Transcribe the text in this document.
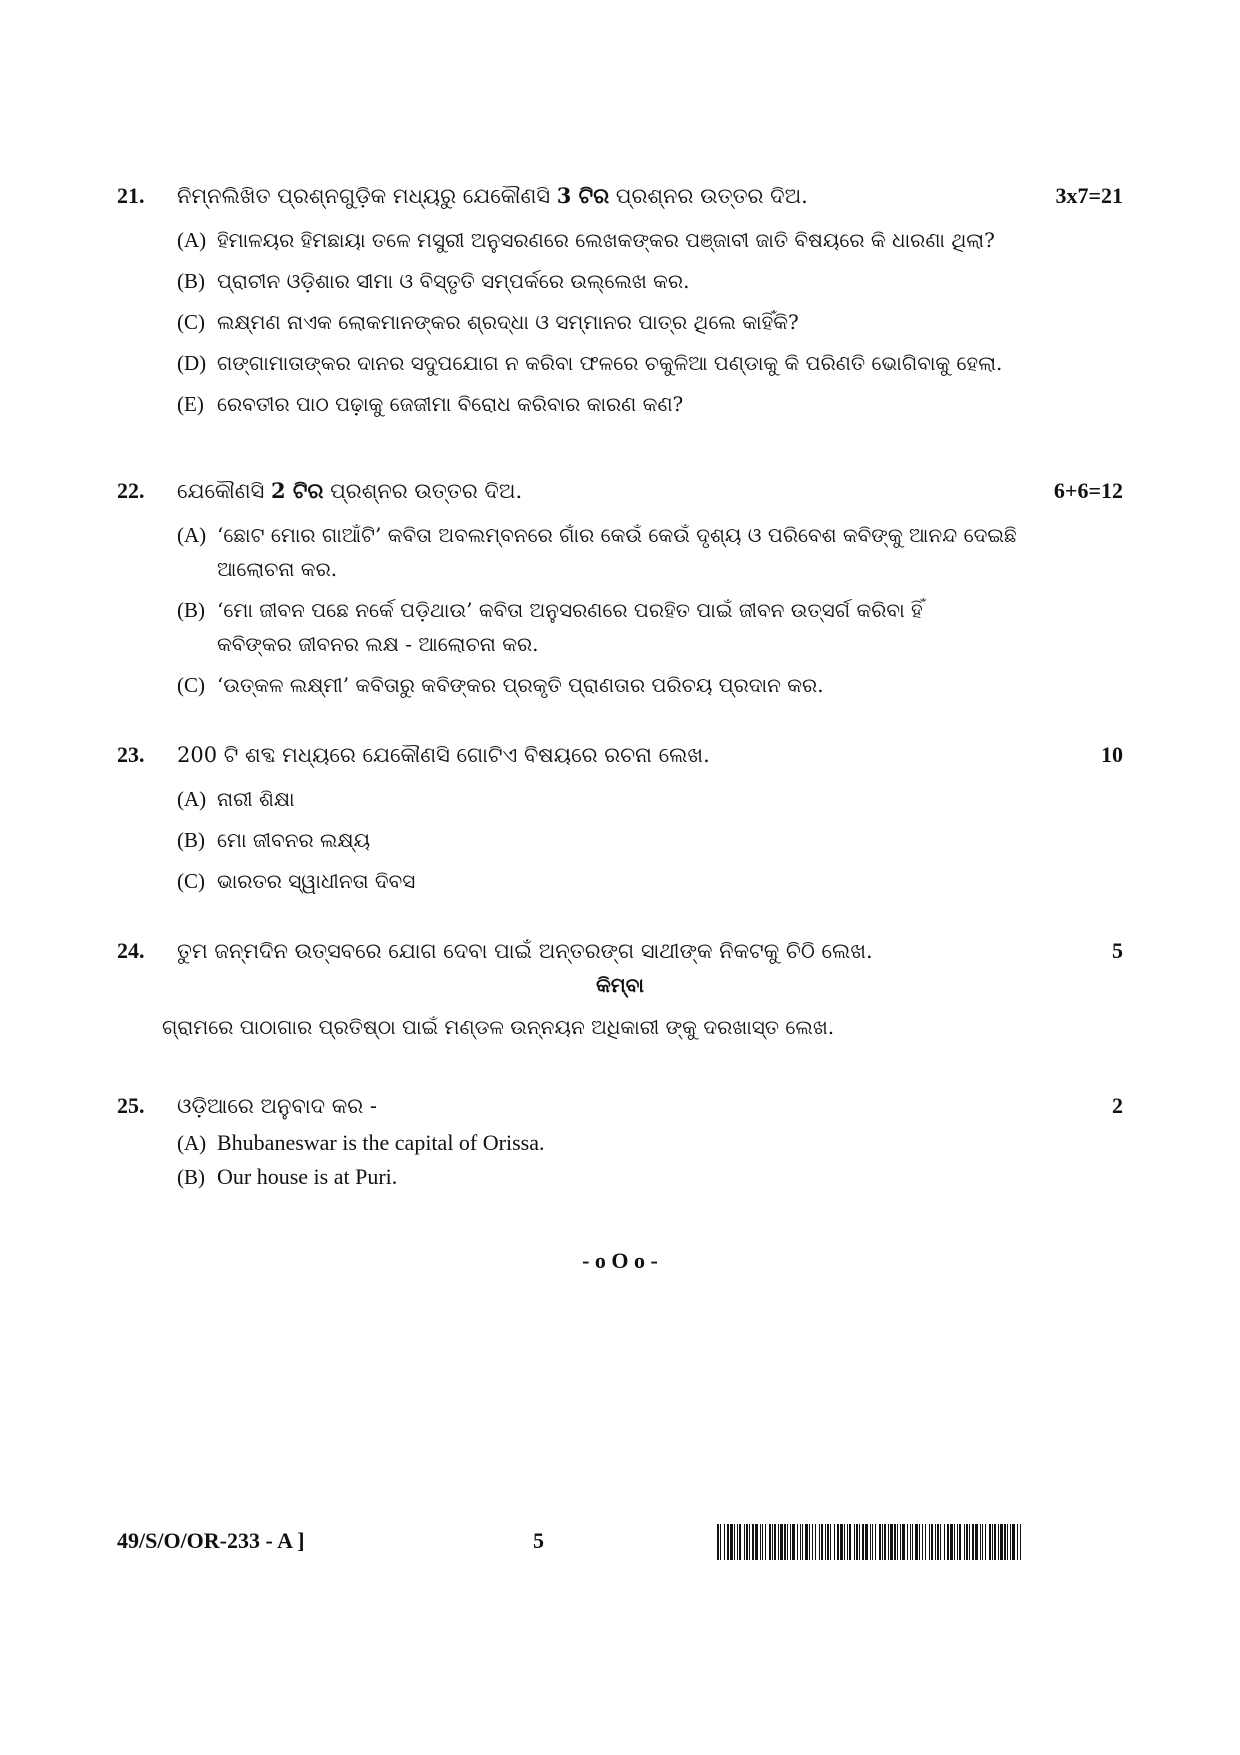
21. ନିମ୍ନଲିଖିତ ପ୍ରଶ୍ନଗୁଡ଼ିକ ମଧ୍ୟରୁ ଯେକୌଣସି 3 ଟିର ପ୍ରଶ୍ନର ଉତ୍ତର ଦିଅ.	3x7=21
(A) ହିମାଳୟର ହିମଛାୟା ତଳେ ମସୁରୀ ଅନୁସରଣରେ ଲେଖକଙ୍କର ପଞ୍ଜାବୀ ଜାତି ବିଷୟରେ କି ଧାରଣା ଥିଲା?
(B) ପ୍ରାଚୀନ ଓଡ଼ିଶାର ସୀମା ଓ ବିସ୍ତୃତି ସମ୍ପର୍କରେ ଉଲ୍ଲେଖ କର.
(C) ଲକ୍ଷ୍ମଣ ନାଏକ ଲୋକମାନଙ୍କର ଶ୍ରଦ୍ଧା ଓ ସମ୍ମାନର ପାତ୍ର ଥିଲେ କାହିଁକି?
(D) ଗଙ୍ଗାମାତାଙ୍କର ଦାନର ସଦୁପଯୋଗ ନ କରିବା ଫଳରେ ଚକୁଳିଆ ପଣ୍ଡାକୁ କି ପରିଣତି ଭୋଗିବାକୁ ହେଲା.
(E) ରେବତୀର ପାଠ ପଢ଼ାକୁ ଜେଜୀମା ବିରୋଧ କରିବାର କାରଣ କଣ?
22. ଯେକୌଣସି 2 ଟିର ପ୍ରଶ୍ନର ଉତ୍ତର ଦିଅ.	6+6=12
(A) ‘ଛୋଟ ମୋର ଗାଆଁଟି’ କବିତା ଅବଲମ୍ବନରେ ଗାଁର କେଉଁ କେଉଁ ଦୃଶ୍ୟ ଓ ପରିବେଶ କବିଙ୍କୁ ଆନନ୍ଦ ଦେଇଛି
ଆଲୋଚନା କର.
(B) ‘ମୋ ଜୀବନ ପଛେ ନର୍କେ ପଡ଼ିଥାଉ’ କବିତା ଅନୁସରଣରେ ପରହିତ ପାଇଁ ଜୀବନ ଉତ୍ସର୍ଗ କରିବା ହିଁ
କବିଙ୍କର ଜୀବନର ଲକ୍ଷ - ଆଲୋଚନା କର.
(C) ‘ଉତ୍କଳ ଲକ୍ଷ୍ମୀ’ କବିତାରୁ କବିଙ୍କର ପ୍ରକୃତି ପ୍ରାଣତାର ପରିଚୟ ପ୍ରଦାନ କର.
23. 200 ଟି ଶବ୍ଦ ମଧ୍ୟରେ ଯେକୌଣସି ଗୋଟିଏ ବିଷୟରେ ରଚନା ଲେଖ.	10
(A) ନାରୀ ଶିକ୍ଷା
(B) ମୋ ଜୀବନର ଲକ୍ଷ୍ୟ
(C) ଭାରତର ସ୍ୱାଧୀନତା ଦିବସ
24. ତୁମ ଜନ୍ମଦିନ ଉତ୍ସବରେ ଯୋଗ ଦେବା ପାଇଁ ଅନ୍ତରଙ୍ଗ ସାଥୀଙ୍କ ନିକଟକୁ ଚିଠି ଲେଖ.	5
କିମ୍ବା
ଗ୍ରାମରେ ପାଠାଗାର ପ୍ରତିଷ୍ଠା ପାଇଁ ମଣ୍ଡଳ ଉନ୍ନୟନ ଅଧିକାରୀ ଙ୍କୁ ଦରଖାସ୍ତ ଲେଖ.
25. ଓଡ଼ିଆରେ ଅନୁବାଦ କର -	2
(A) Bhubaneswar is the capital of Orissa.
(B) Our house is at Puri.
- o O o -
49/S/O/OR-233 - A ]	5
